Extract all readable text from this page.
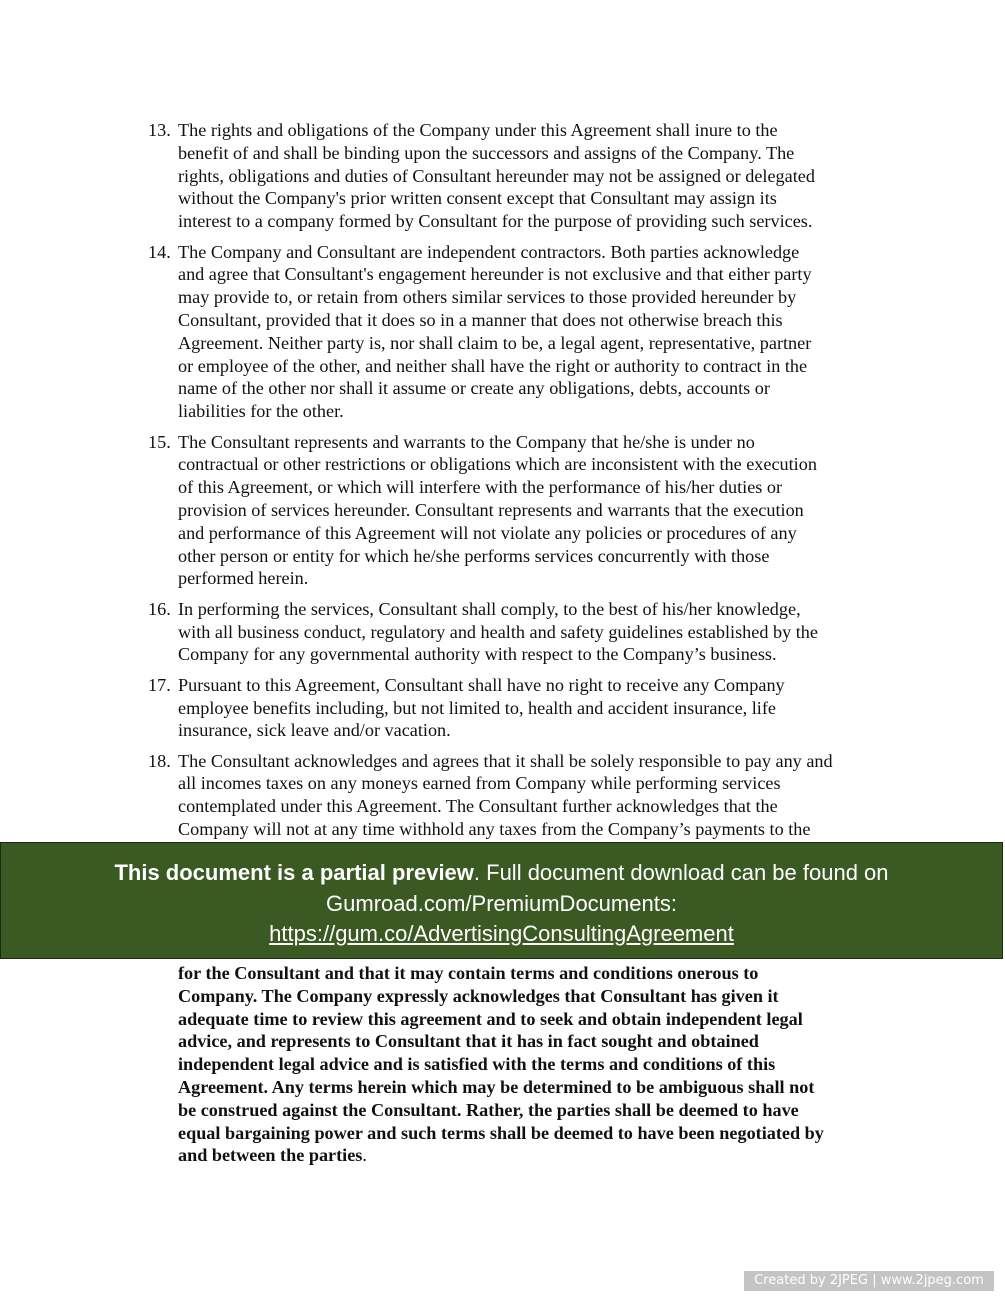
13. The rights and obligations of the Company under this Agreement shall inure to the
benefit of and shall be binding upon the successors and assigns of the Company. The
rights, obligations and duties of Consultant hereunder may not be assigned or delegated
without the Company's prior written consent except that Consultant may assign its
interest to a company formed by Consultant for the purpose of providing such services.
14. The Company and Consultant are independent contractors. Both parties acknowledge
and agree that Consultant's engagement hereunder is not exclusive and that either party
may provide to, or retain from others similar services to those provided hereunder by
Consultant, provided that it does so in a manner that does not otherwise breach this
Agreement. Neither party is, nor shall claim to be, a legal agent, representative, partner
or employee of the other, and neither shall have the right or authority to contract in the
name of the other nor shall it assume or create any obligations, debts, accounts or
liabilities for the other.
15. The Consultant represents and warrants to the Company that he/she is under no
contractual or other restrictions or obligations which are inconsistent with the execution
of this Agreement, or which will interfere with the performance of his/her duties or
provision of services hereunder. Consultant represents and warrants that the execution
and performance of this Agreement will not violate any policies or procedures of any
other person or entity for which he/she performs services concurrently with those
performed herein.
16. In performing the services, Consultant shall comply, to the best of his/her knowledge,
with all business conduct, regulatory and health and safety guidelines established by the
Company for any governmental authority with respect to the Company’s business.
17. Pursuant to this Agreement, Consultant shall have no right to receive any Company
employee benefits including, but not limited to, health and accident insurance, life
insurance, sick leave and/or vacation.
18. The Consultant acknowledges and agrees that it shall be solely responsible to pay any and
all incomes taxes on any moneys earned from Company while performing services
contemplated under this Agreement. The Consultant further acknowledges that the
Company will not at any time withhold any taxes from the Company’s payments to the
This document is a partial preview. Full document download can be found on
Gumroad.com/PremiumDocuments:
https://gum.co/AdvertisingConsultingAgreement
for the Consultant and that it may contain terms and conditions onerous to
Company. The Company expressly acknowledges that Consultant has given it
adequate time to review this agreement and to seek and obtain independent legal
advice, and represents to Consultant that it has in fact sought and obtained
independent legal advice and is satisfied with the terms and conditions of this
Agreement. Any terms herein which may be determined to be ambiguous shall not
be construed against the Consultant. Rather, the parties shall be deemed to have
equal bargaining power and such terms shall be deemed to have been negotiated by
and between the parties.
Created by 2JPEG | www.2jpeg.com
